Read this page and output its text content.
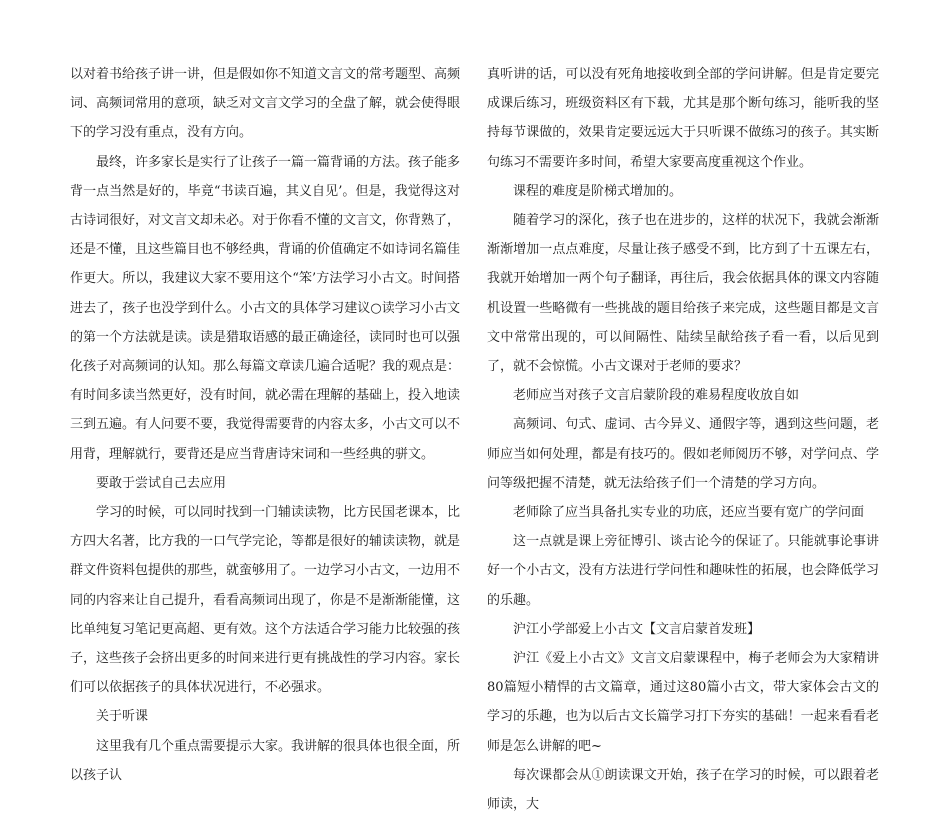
以对着书给孩子讲一讲，但是假如你不知道文言文的常考题型、高频词、高频词常用的意项，缺乏对文言文学习的全盘了解，就会使得眼下的学习没有重点，没有方向。

最终，许多家长是实行了让孩子一篇一篇背诵的方法。孩子能多背一点当然是好的，毕竟“书读百遍，其义自见’。但是，我觉得这对古诗词很好，对文言文却未必。对于你看不懂的文言文，你背熟了，还是不懂，且这些篇目也不够经典，背诵的价值确定不如诗词名篇佳作更大。所以，我建议大家不要用这个“笨’方法学习小古文。时间搭进去了，孩子也没学到什么。小古文的具体学习建议○读学习小古文的第一个方法就是读。读是猎取语感的最正确途径，读同时也可以强化孩子对高频词的认知。那么每篇文章读几遍合适呢？我的观点是：有时间多读当然更好，没有时间，就必需在理解的基础上，投入地读三到五遍。有人问要不要，我觉得需要背的内容太多，小古文可以不用背，理解就行，要背还是应当背唐诗宋词和一些经典的骈文。

要敢于尝试自己去应用

学习的时候，可以同时找到一门辅读读物，比方民国老课本，比方四大名著，比方我的一口气学完论，等都是很好的辅读读物，就是群文件资料包提供的那些，就蛮够用了。一边学习小古文，一边用不同的内容来让自己提升，看看高频词出现了，你是不是渐渐能懂，这比单纯复习笔记更高超、更有效。这个方法适合学习能力比较强的孩子，这些孩子会挤出更多的时间来进行更有挑战性的学习内容。家长们可以依据孩子的具体状况进行，不必强求。

关于听课

这里我有几个重点需要提示大家。我讲解的很具体也很全面，所以孩子认

真听讲的话，可以没有死角地接收到全部的学问讲解。但是肯定要完成课后练习，班级资料区有下载，尤其是那个断句练习，能听我的坚持每节课做的，效果肯定要远远大于只听课不做练习的孩子。其实断句练习不需要许多时间，希望大家要高度重视这个作业。

课程的难度是阶梯式增加的。

随着学习的深化，孩子也在进步的，这样的状况下，我就会渐渐渐渐增加一点点难度，尽量让孩子感受不到，比方到了十五课左右，我就开始增加一两个句子翻译，再往后，我会依据具体的课文内容随机设置一些略微有一些挑战的题目给孩子来完成，这些题目都是文言文中常常出现的，可以间隔性、陆续呈献给孩子看一看，以后见到了，就不会惊慌。小古文课对于老师的要求？

老师应当对孩子文言启蒙阶段的难易程度收放自如

高频词、句式、虚词、古今异义、通假字等，遇到这些问题，老师应当如何处理，都是有技巧的。假如老师阅历不够，对学问点、学问等级把握不清楚，就无法给孩子们一个清楚的学习方向。

老师除了应当具备扎实专业的功底，还应当要有宽广的学问面

这一点就是课上旁征博引、谈古论今的保证了。只能就事论事讲好一个小古文，没有方法进行学问性和趣味性的拓展，也会降低学习的乐趣。

沪江小学部爱上小古文【文言启蒙首发班】

沪江《爱上小古文》文言文启蒙课程中，梅子老师会为大家精讲80篇短小精悍的古文篇章，通过这80篇小古文，带大家体会古文的学习的乐趣，也为以后古文长篇学习打下夯实的基础！一起来看看老师是怎么讲解的吧~

每次课都会从①朗读课文开始，孩子在学习的时候，可以跟着老师读，大
